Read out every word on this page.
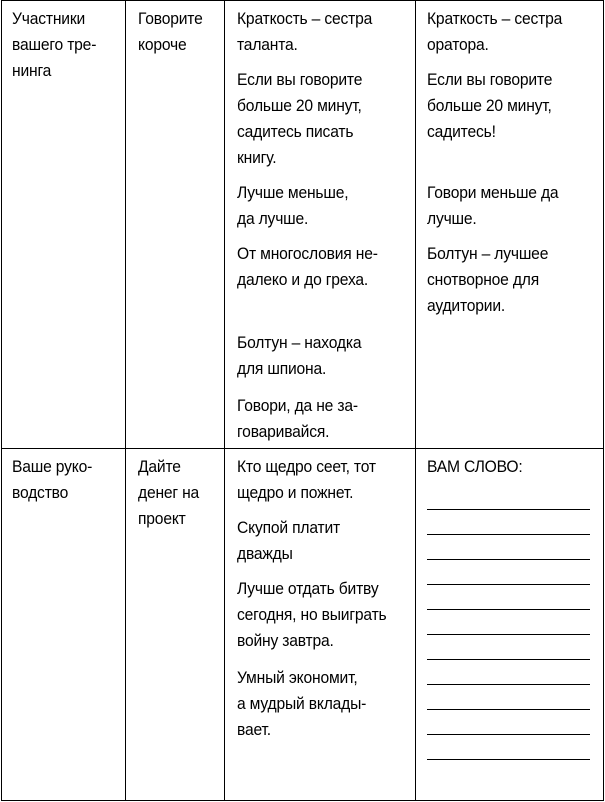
Участники
вашего тре-
нинга
Говорите
короче
Краткость – сестра
таланта.
Если вы говорите
больше 20 минут,
садитесь писать
книгу.
Лучше меньше,
да лучше.
От многословия не-
далеко и до греха.
Болтун – находка
для шпиона.
Говори, да не за-
говаривайся.
Краткость – сестра
оратора.
Если вы говорите
больше 20 минут,
садитесь!
Говори меньше да
лучше.
Болтун – лучшее
снотворное для
аудитории.
Ваше руко-
водство
Дайте
денег на
проект
Кто щедро сеет, тот
щедро и пожнет.
Скупой платит
дважды
Лучше отдать битву
сегодня, но выиграть
войну завтра.
Умный экономит,
а мудрый вклады-
вает.
ВАМ СЛОВО:
